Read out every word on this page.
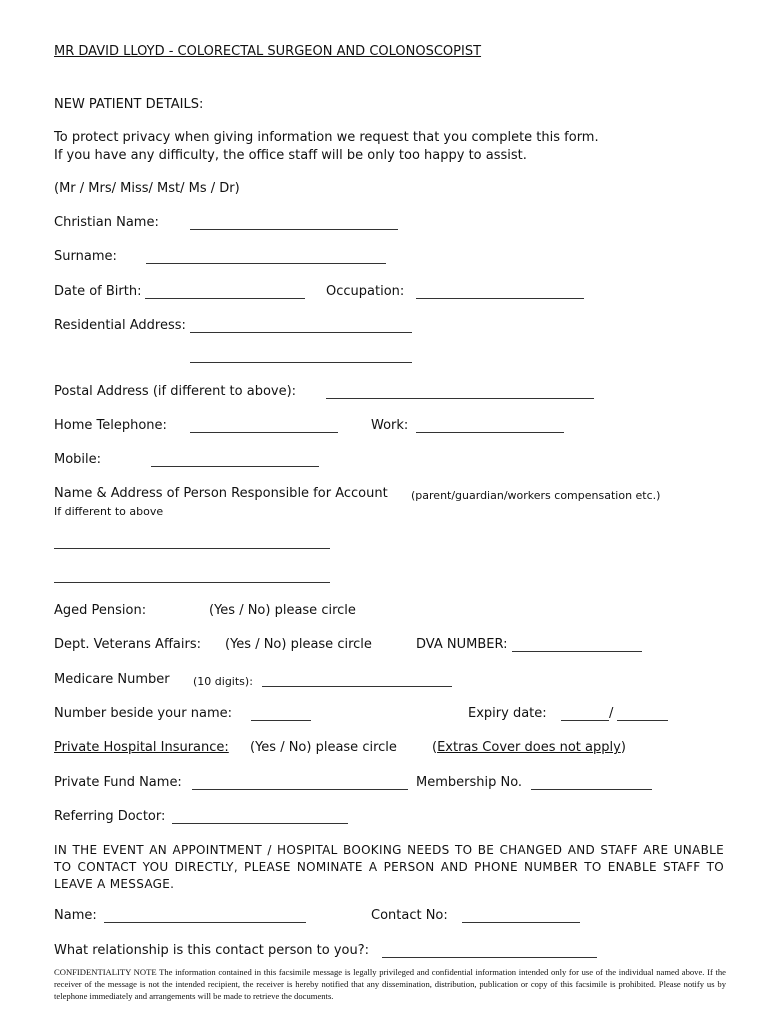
MR DAVID LLOYD - COLORECTAL SURGEON AND COLONOSCOPIST
NEW PATIENT DETAILS:
To protect privacy when giving information we request that you complete this form.
If you have any difficulty, the office staff will be only too happy to assist.
(Mr / Mrs/ Miss/ Mst/ Ms / Dr)
Christian Name:
Surname:
Date of Birth:	Occupation:
Residential Address:
Postal Address (if different to above):
Home Telephone:	Work:
Mobile:
Name & Address of Person Responsible for Account (parent/guardian/workers compensation etc.)
If different to above
Aged Pension:	(Yes / No) please circle
Dept. Veterans Affairs: (Yes / No) please circle	DVA NUMBER:
Medicare Number (10 digits):
Number beside your name:	Expiry date:	/
Private Hospital Insurance: (Yes / No) please circle	(Extras Cover does not apply)
Private Fund Name:	Membership No.
Referring Doctor:
IN THE EVENT AN APPOINTMENT / HOSPITAL BOOKING NEEDS TO BE CHANGED AND STAFF ARE UNABLE TO CONTACT YOU DIRECTLY, PLEASE NOMINATE A PERSON AND PHONE NUMBER TO ENABLE STAFF TO LEAVE A MESSAGE.
Name:	Contact No:
What relationship is this contact person to you?:
CONFIDENTIALITY NOTE The information contained in this facsimile message is legally privileged and confidential information intended only for use of the individual named above. If the receiver of the message is not the intended recipient, the receiver is hereby notified that any dissemination, distribution, publication or copy of this facsimile is prohibited. Please notify us by telephone immediately and arrangements will be made to retrieve the documents.
